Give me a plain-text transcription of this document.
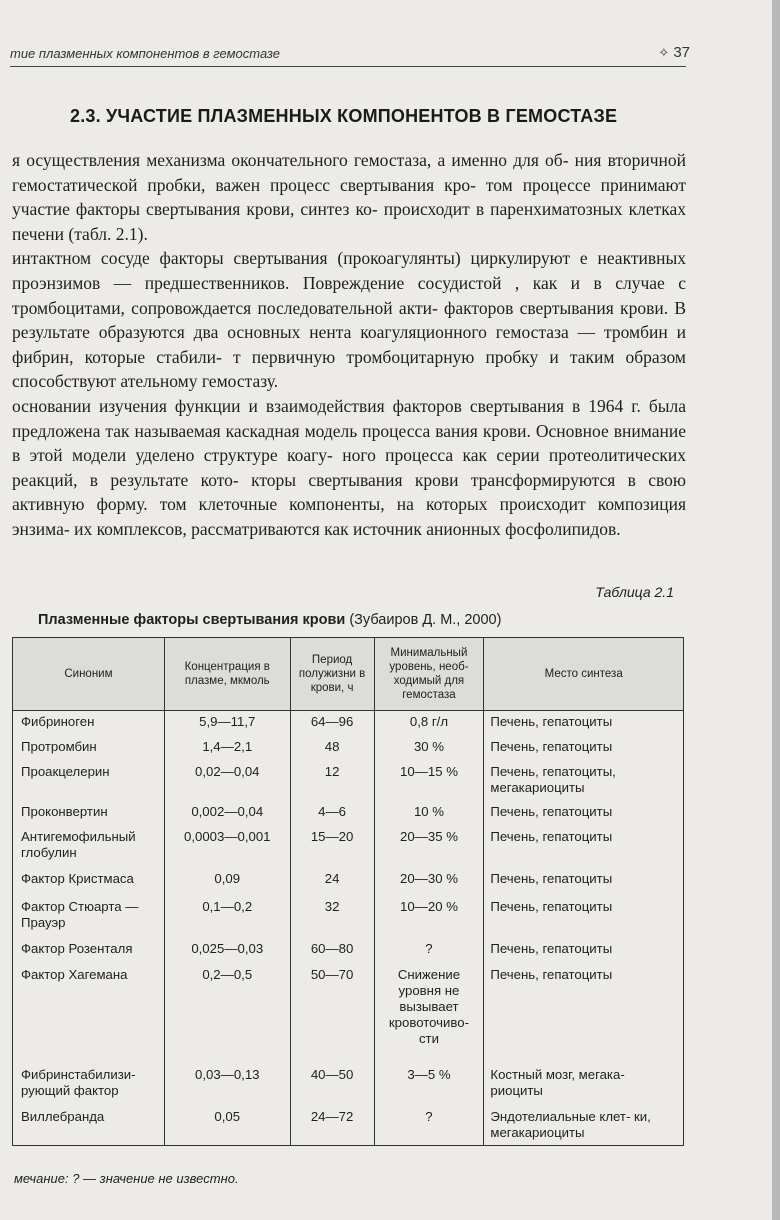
тие плазменных компонентов в гемостазе	✧ 37
2.3. УЧАСТИЕ ПЛАЗМЕННЫХ КОМПОНЕНТОВ В ГЕМОСТАЗЕ

я осуществления механизма окончательного гемостаза, а именно для об- ния вторичной гемостатической пробки, важен процесс свертывания кро- том процессе принимают участие факторы свертывания крови, синтез ко- происходит в паренхиматозных клетках печени (табл. 2.1).

интактном сосуде факторы свертывания (прокоагулянты) циркулируют е неактивных проэнзимов — предшественников. Повреждение сосудистой , как и в случае с тромбоцитами, сопровождается последовательной акти- факторов свертывания крови. В результате образуются два основных нента коагуляционного гемостаза — тромбин и фибрин, которые стабили- т первичную тромбоцитарную пробку и таким образом способствуют ательному гемостазу.

основании изучения функции и взаимодействия факторов свертывания в 1964 г. была предложена так называемая каскадная модель процесса вания крови. Основное внимание в этой модели уделено структуре коагу- ного процесса как серии протеолитических реакций, в результате кото- кторы свертывания крови трансформируются в свою активную форму. том клеточные компоненты, на которых происходит композиция энзима- их комплексов, рассматриваются как источник анионных фосфолипидов.

Таблица 2.1
Плазменные факторы свертывания крови (Зубаиров Д. М., 2000)
Синоним	Концентрация в плазме, мкмоль	Период полужизни в крови, ч	Минимальный уровень, необ- ходимый для гемостаза	Место синтеза
Фибриноген	5,9—11,7	64—96	0,8 г/л	Печень, гепатоциты
Протромбин	1,4—2,1	48	30 %	Печень, гепатоциты
Проакцелерин	0,02—0,04	12	10—15 %	Печень, гепатоциты, мегакариоциты
Проконвертин	0,002—0,04	4—6	10 %	Печень, гепатоциты
Антигемофильный глобулин	0,0003—0,001	15—20	20—35 %	Печень, гепатоциты
Фактор Кристмаса	0,09	24	20—30 %	Печень, гепатоциты
Фактор Стюарта — Прауэр	0,1—0,2	32	10—20 %	Печень, гепатоциты
Фактор Розенталя	0,025—0,03	60—80	?	Печень, гепатоциты
Фактор Хагемана	0,2—0,5	50—70	Снижение уровня не вызывает кровоточиво- сти	Печень, гепатоциты
Фибринстабилизи- рующий фактор	0,03—0,13	40—50	3—5 %	Костный мозг, мегака- риоциты
Виллебранда	0,05	24—72	?	Эндотелиальные клет- ки, мегакариоциты
мечание: ? — значение не известно.
